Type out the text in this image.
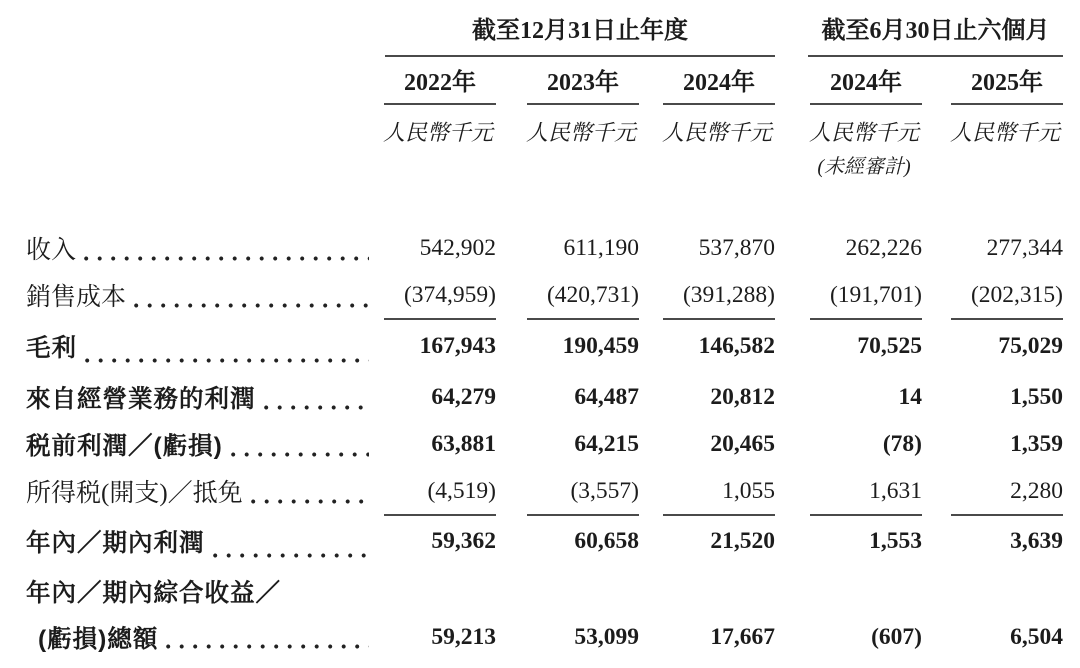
截至12月31日止年度	截至6月30日止六個月
2022年	2023年	2024年	2024年	2025年
人民幣千元	人民幣千元	人民幣千元	人民幣千元	人民幣千元
(未經審計)
收入	542,902	611,190	537,870	262,226	277,344
銷售成本	(374,959)	(420,731)	(391,288)	(191,701)	(202,315)
毛利	167,943	190,459	146,582	70,525	75,029
來自經營業務的利潤	64,279	64,487	20,812	14	1,550
税前利潤／(虧損)	63,881	64,215	20,465	(78)	1,359
所得税(開支)／抵免	(4,519)	(3,557)	1,055	1,631	2,280
年內／期內利潤	59,362	60,658	21,520	1,553	3,639
年內／期內綜合收益／
(虧損)總額	59,213	53,099	17,667	(607)	6,504
